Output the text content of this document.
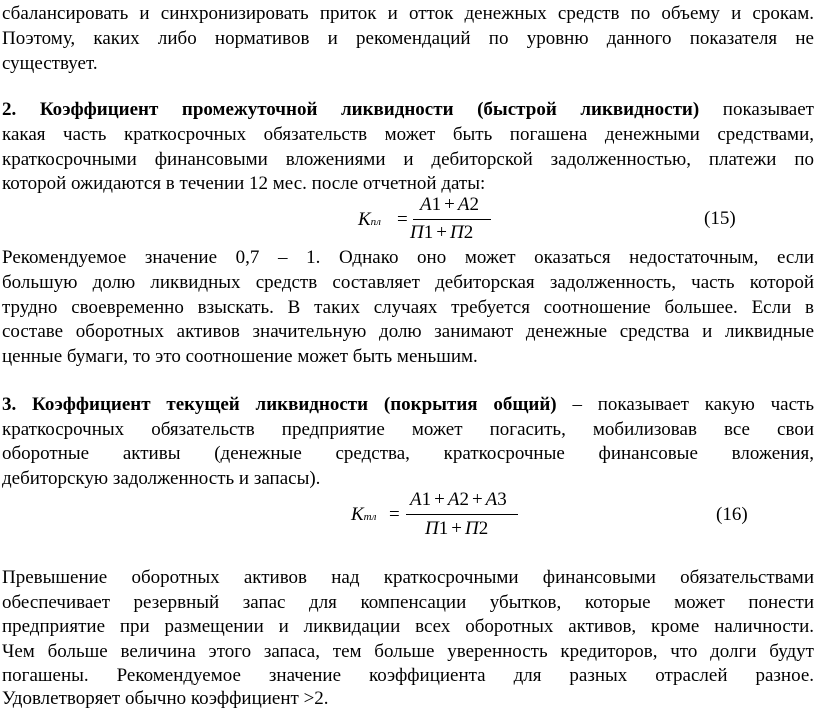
сбалансировать и синхронизировать приток и отток денежных средств по объему и срокам.
Поэтому, каких либо нормативов и рекомендаций по уровню данного показателя не
существует.
2. Коэффициент промежуточной ликвидности (быстрой ликвидности) показывает
какая часть краткосрочных обязательств может быть погашена денежными средствами,
краткосрочными финансовыми вложениями и дебиторской задолженностью, платежи по
которой ожидаются в течении 12 мес. после отчетной даты:
Кпл =
А1 + А2
П1 + П2
(15)
Рекомендуемое значение 0,7 – 1. Однако оно может оказаться недостаточным, если
большую долю ликвидных средств составляет дебиторская задолженность, часть которой
трудно своевременно взыскать. В таких случаях требуется соотношение большее. Если в
составе оборотных активов значительную долю занимают денежные средства и ликвидные
ценные бумаги, то это соотношение может быть меньшим.
3. Коэффициент текущей ликвидности (покрытия общий) – показывает какую часть
краткосрочных обязательств предприятие может погасить, мобилизовав все свои
оборотные активы (денежные средства, краткосрочные финансовые вложения,
дебиторскую задолженность и запасы).
Ктл =
А1 + А2 + А3
П1 + П2
(16)
Превышение оборотных активов над краткосрочными финансовыми обязательствами
обеспечивает резервный запас для компенсации убытков, которые может понести
предприятие при размещении и ликвидации всех оборотных активов, кроме наличности.
Чем больше величина этого запаса, тем больше уверенность кредиторов, что долги будут
погашены. Рекомендуемое значение коэффициента для разных отраслей разное.
Удовлетворяет обычно коэффициент >2.
